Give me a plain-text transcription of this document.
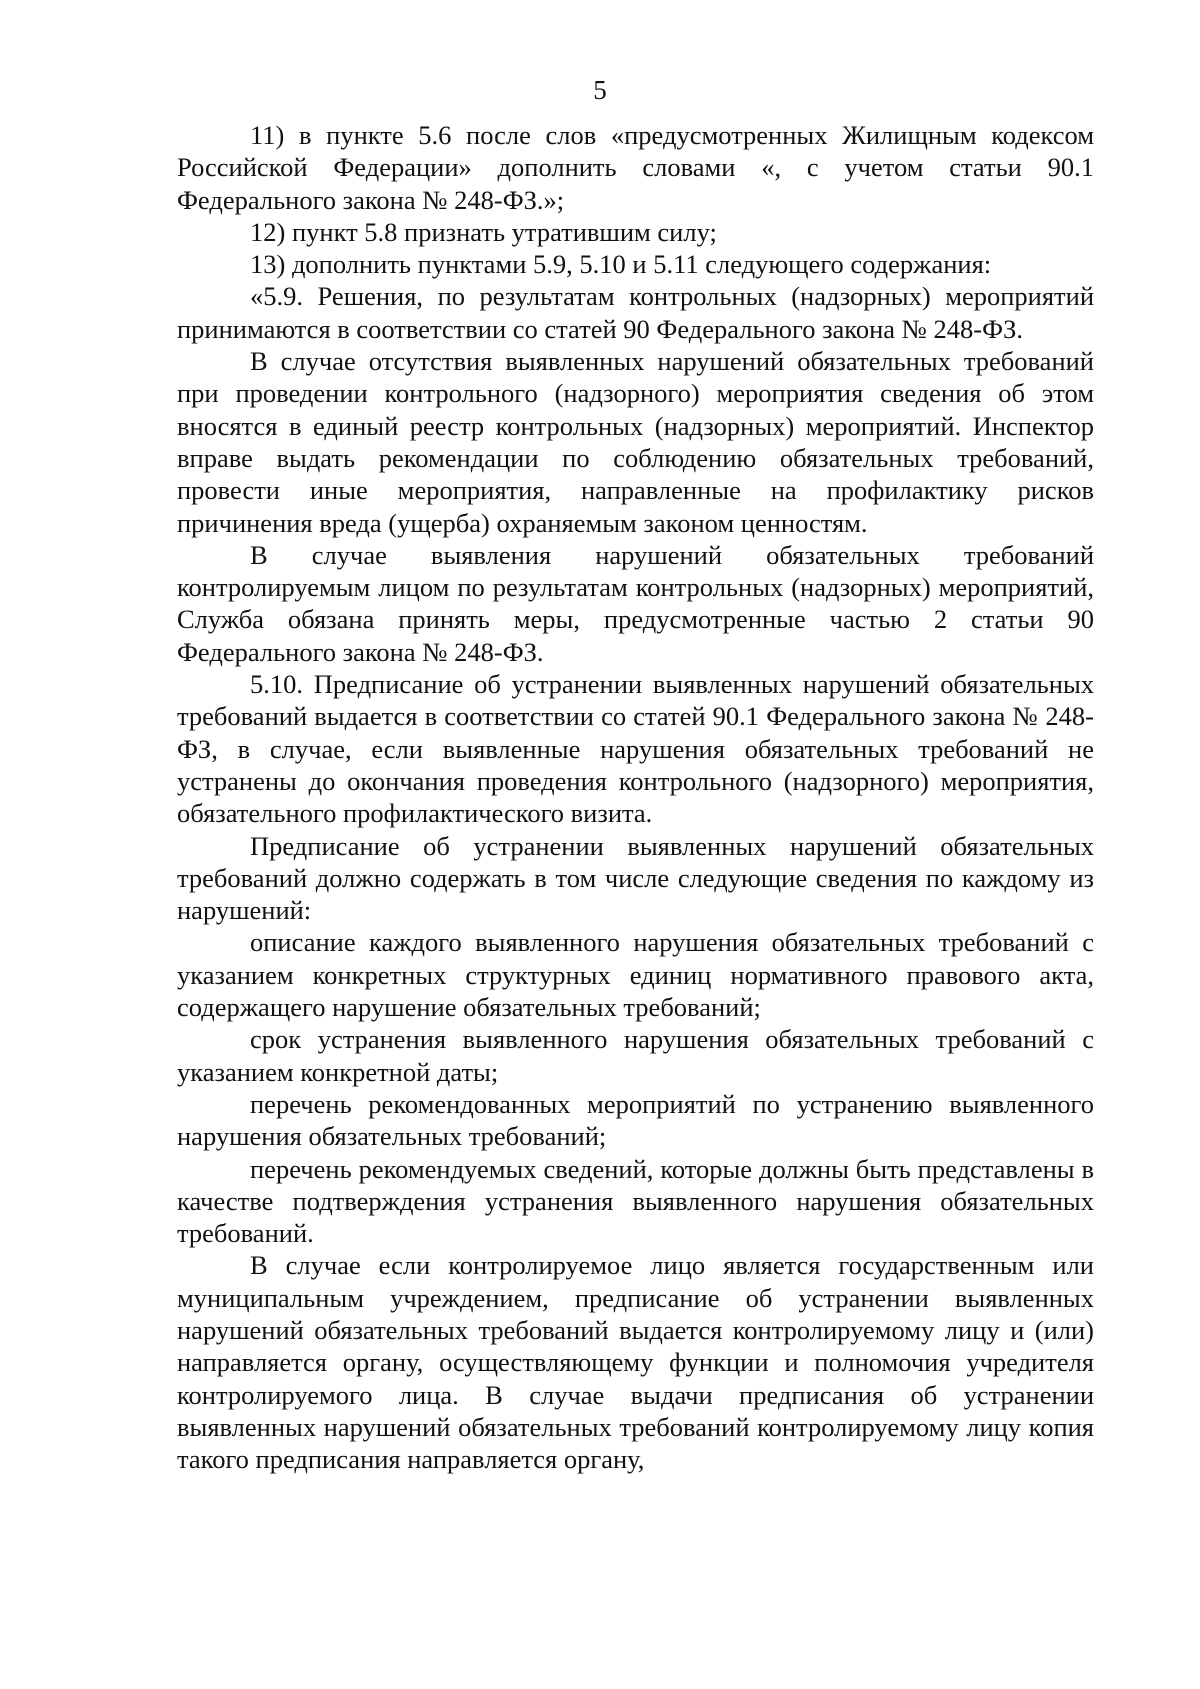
5

11) в пункте 5.6 после слов «предусмотренных Жилищным кодексом Российской Федерации» дополнить словами «, с учетом статьи 90.1 Федерального закона № 248-ФЗ.»;

12) пункт 5.8 признать утратившим силу;

13) дополнить пунктами 5.9, 5.10 и 5.11 следующего содержания:

«5.9. Решения, по результатам контрольных (надзорных) мероприятий принимаются в соответствии со статей 90 Федерального закона № 248-ФЗ.

В случае отсутствия выявленных нарушений обязательных требований при проведении контрольного (надзорного) мероприятия сведения об этом вносятся в единый реестр контрольных (надзорных) мероприятий. Инспектор вправе выдать рекомендации по соблюдению обязательных требований, провести иные мероприятия, направленные на профилактику рисков причинения вреда (ущерба) охраняемым законом ценностям.

В случае выявления нарушений обязательных требований контролируемым лицом по результатам контрольных (надзорных) мероприятий, Служба обязана принять меры, предусмотренные частью 2 статьи 90 Федерального закона № 248-ФЗ.

5.10. Предписание об устранении выявленных нарушений обязательных требований выдается в соответствии со статей 90.1 Федерального закона № 248-ФЗ, в случае, если выявленные нарушения обязательных требований не устранены до окончания проведения контрольного (надзорного) мероприятия, обязательного профилактического визита.

Предписание об устранении выявленных нарушений обязательных требований должно содержать в том числе следующие сведения по каждому из нарушений:

описание каждого выявленного нарушения обязательных требований с указанием конкретных структурных единиц нормативного правового акта, содержащего нарушение обязательных требований;

срок устранения выявленного нарушения обязательных требований с указанием конкретной даты;

перечень рекомендованных мероприятий по устранению выявленного нарушения обязательных требований;

перечень рекомендуемых сведений, которые должны быть представлены в качестве подтверждения устранения выявленного нарушения обязательных требований.

В случае если контролируемое лицо является государственным или муниципальным учреждением, предписание об устранении выявленных нарушений обязательных требований выдается контролируемому лицу и (или) направляется органу, осуществляющему функции и полномочия учредителя контролируемого лица. В случае выдачи предписания об устранении выявленных нарушений обязательных требований контролируемому лицу копия такого предписания направляется органу,
